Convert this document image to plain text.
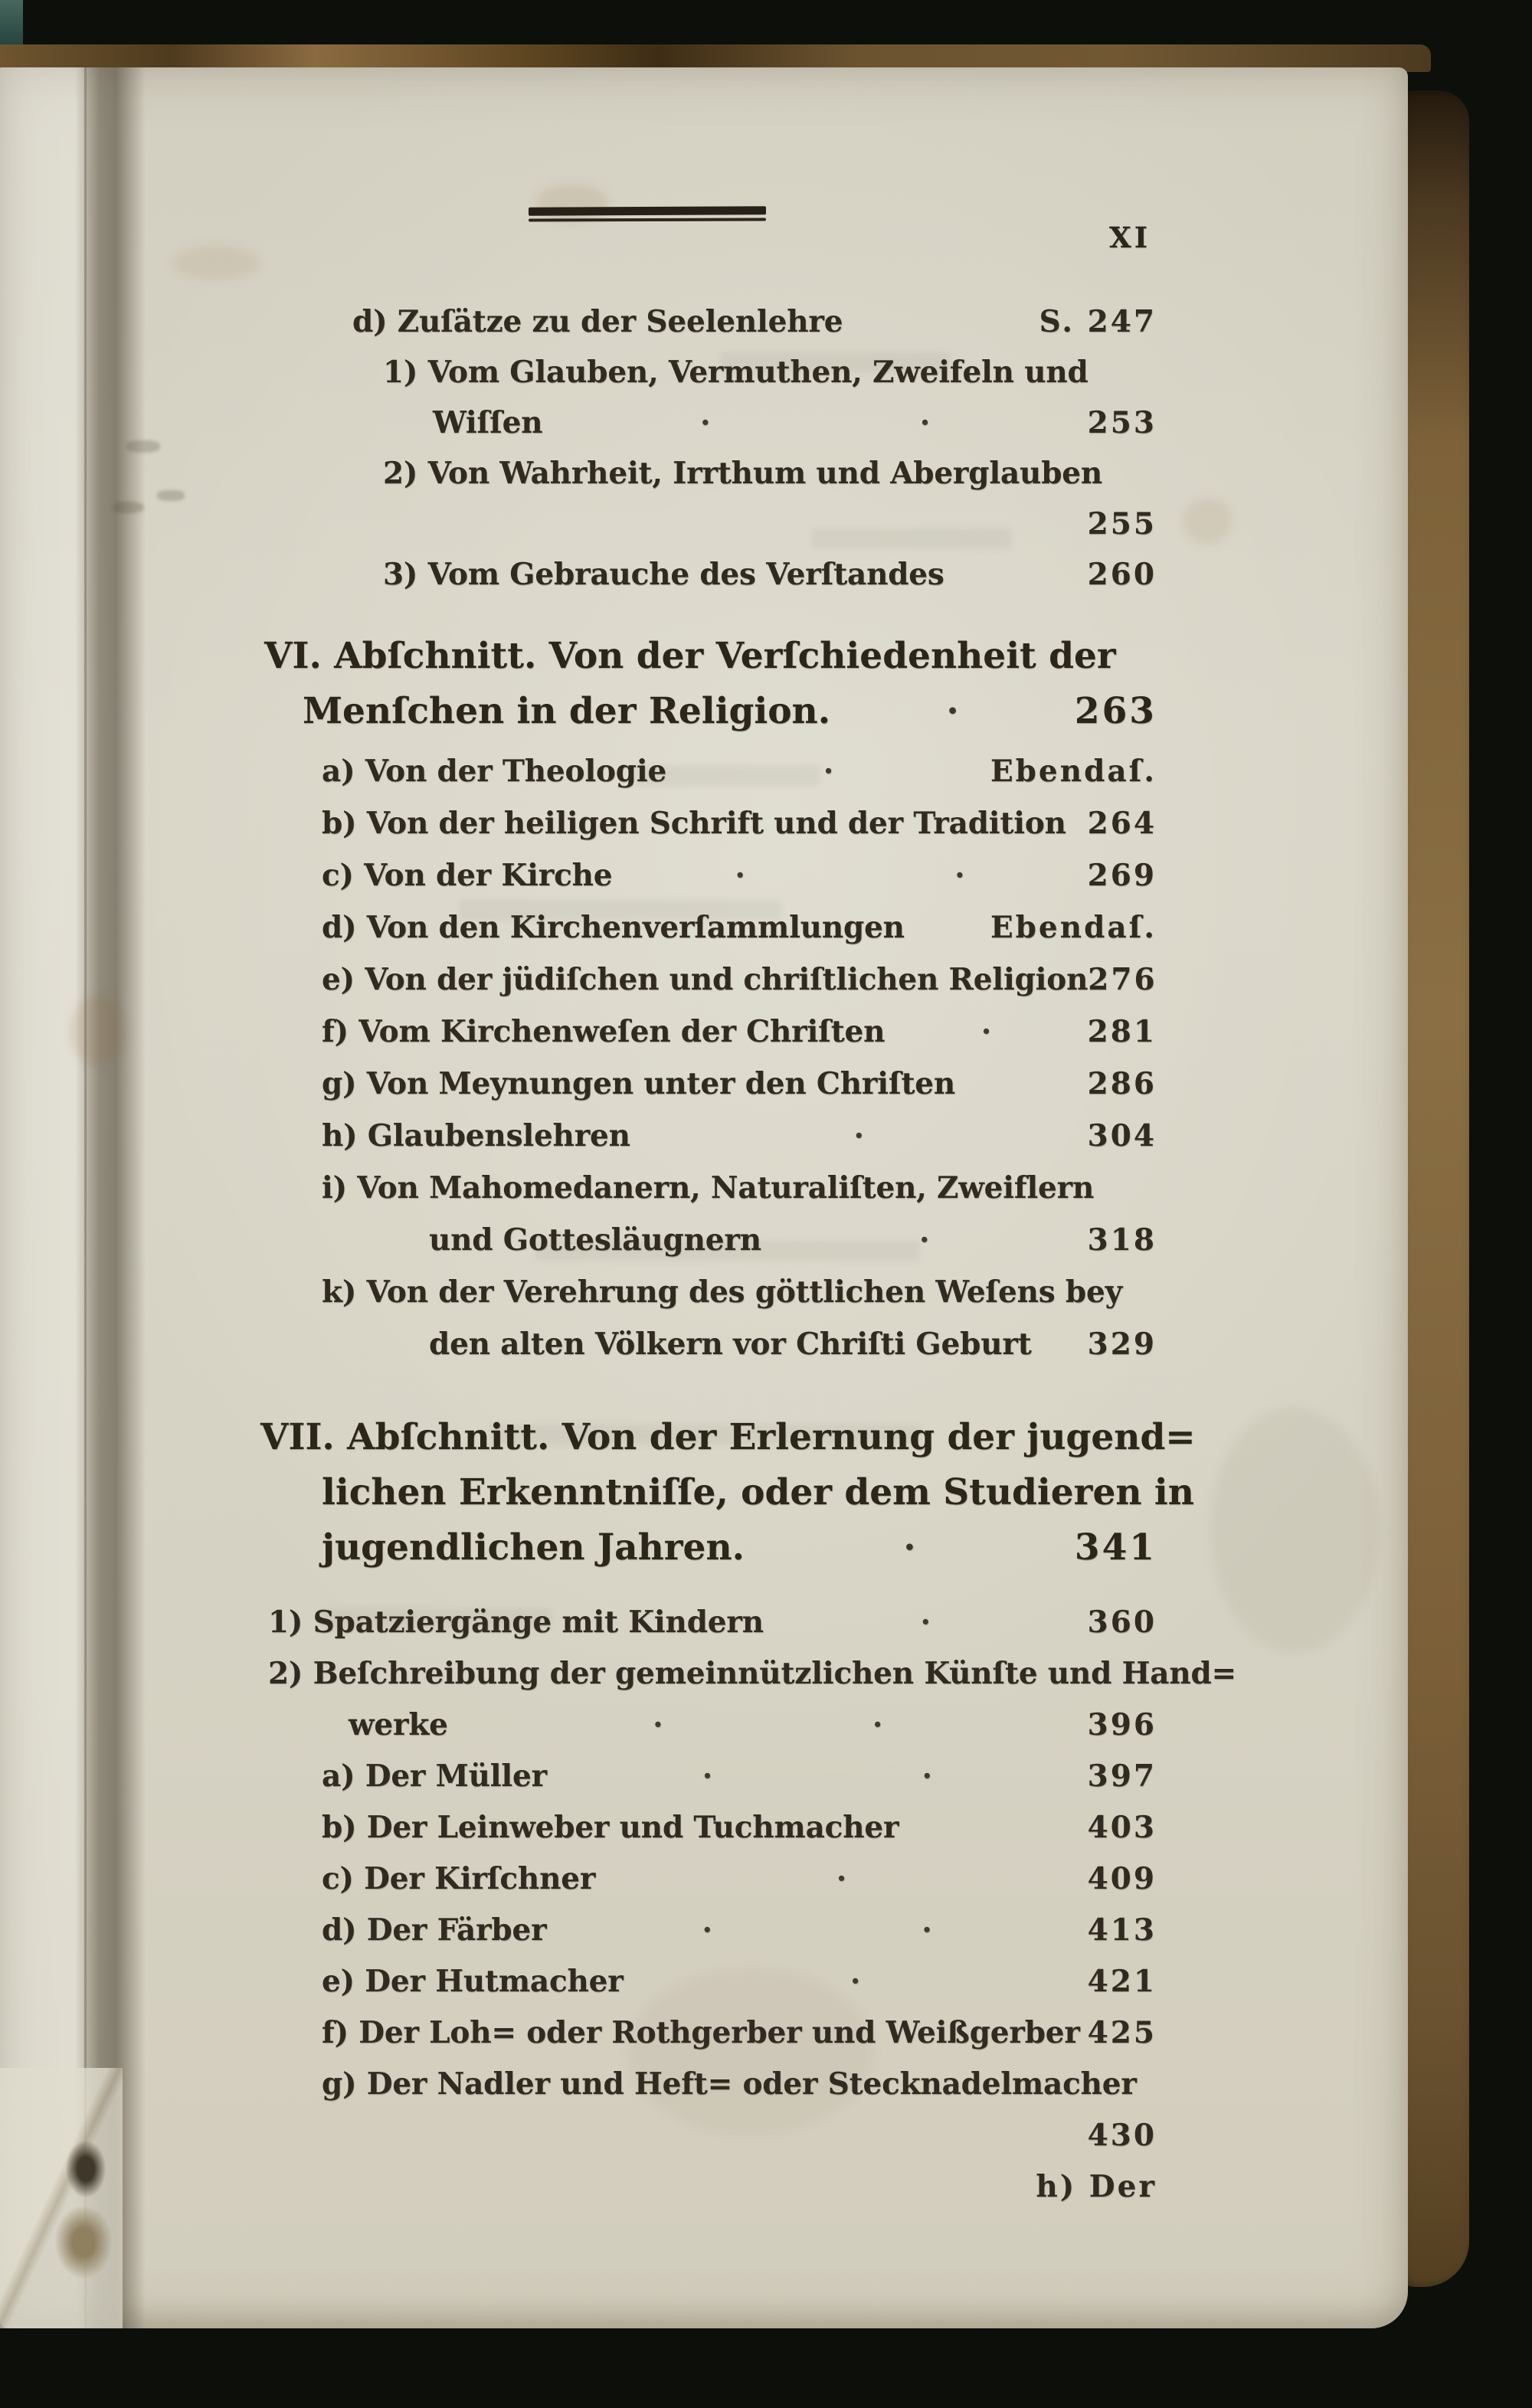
XI
d) Zuſätze zu der Seelenlehre	S. 247
1) Vom Glauben, Vermuthen, Zweifeln und
Wiſſen	· ·	253
2) Von Wahrheit, Irrthum und Aberglauben
255
3) Vom Gebrauche des Verſtandes	260
VI. Abſchnitt. Von der Verſchiedenheit der
Menſchen in der Religion.	·	263
a) Von der Theologie	·	Ebendaſ.
b) Von der heiligen Schrift und der Tradition 264
c) Von der Kirche	· ·	269
d) Von den Kirchenverſammlungen	Ebendaſ.
e) Von der jüdiſchen und chriſtlichen Religion 276
f) Vom Kirchenweſen der Chriſten	·	281
g) Von Meynungen unter den Chriſten	286
h) Glaubenslehren	·	304
i) Von Mahomedanern, Naturaliſten, Zweiflern
und Gottesläugnern	·	318
k) Von der Verehrung des göttlichen Weſens bey
den alten Völkern vor Chriſti Geburt 329
VII. Abſchnitt. Von der Erlernung der jugend=
lichen Erkenntniſſe, oder dem Studieren in
jugendlichen Jahren.	·	341
1) Spatziergänge mit Kindern	·	360
2) Beſchreibung der gemeinnützlichen Künſte und Hand=
werke	· ·	396
a) Der Müller	· ·	397
b) Der Leinweber und Tuchmacher	403
c) Der Kirſchner	·	409
d) Der Färber	· ·	413
e) Der Hutmacher	·	421
f) Der Loh= oder Rothgerber und Weißgerber 425
g) Der Nadler und Heft= oder Stecknadelmacher
430
h) Der
